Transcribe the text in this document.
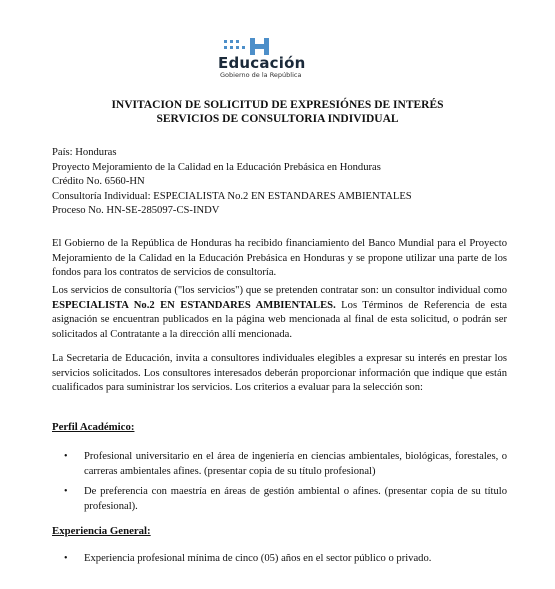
Educación
Gobierno de la República
INVITACION DE SOLICITUD DE EXPRESIÓNES DE INTERÉS
SERVICIOS DE CONSULTORIA INDIVIDUAL
País: Honduras
Proyecto Mejoramiento de la Calidad en la Educación Prebásica en Honduras
Crédito No. 6560-HN
Consultoría Individual: ESPECIALISTA No.2 EN ESTANDARES AMBIENTALES
Proceso No. HN-SE-285097-CS-INDV
El Gobierno de la República de Honduras ha recibido financiamiento del Banco Mundial para el Proyecto Mejoramiento de la Calidad en la Educación Prebásica en Honduras y se propone utilizar una parte de los fondos para los contratos de servicios de consultoría.
Los servicios de consultoría ("los servicios") que se pretenden contratar son: un consultor individual como ESPECIALISTA No.2 EN ESTANDARES AMBIENTALES. Los Términos de Referencia de esta asignación se encuentran publicados en la página web mencionada al final de esta solicitud, o podrán ser solicitados al Contratante a la dirección allí mencionada.
La Secretaria de Educación, invita a consultores individuales elegibles a expresar su interés en prestar los servicios solicitados. Los consultores interesados deberán proporcionar información que indique que están cualificados para suministrar los servicios. Los criterios a evaluar para la selección son:
Perfil Académico:
• Profesional universitario en el área de ingeniería en ciencias ambientales, biológicas, forestales, o carreras ambientales afines. (presentar copia de su título profesional)
• De preferencia con maestría en áreas de gestión ambiental o afines. (presentar copia de su título profesional).
Experiencia General:
• Experiencia profesional mínima de cinco (05) años en el sector público o privado.
